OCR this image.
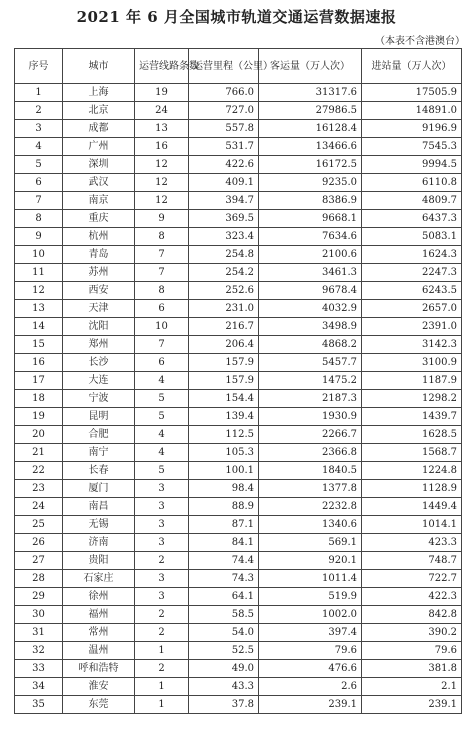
2021 年 6 月全国城市轨道交通运营数据速报
（本表不含港澳台）
序号	城市	运营线路条数	运营里程（公里）	客运量（万人次）	进站量（万人次）
1	上海	19	766.0	31317.6	17505.9
2	北京	24	727.0	27986.5	14891.0
3	成都	13	557.8	16128.4	9196.9
4	广州	16	531.7	13466.6	7545.3
5	深圳	12	422.6	16172.5	9994.5
6	武汉	12	409.1	9235.0	6110.8
7	南京	12	394.7	8386.9	4809.7
8	重庆	9	369.5	9668.1	6437.3
9	杭州	8	323.4	7634.6	5083.1
10	青岛	7	254.8	2100.6	1624.3
11	苏州	7	254.2	3461.3	2247.3
12	西安	8	252.6	9678.4	6243.5
13	天津	6	231.0	4032.9	2657.0
14	沈阳	10	216.7	3498.9	2391.0
15	郑州	7	206.4	4868.2	3142.3
16	长沙	6	157.9	5457.7	3100.9
17	大连	4	157.9	1475.2	1187.9
18	宁波	5	154.4	2187.3	1298.2
19	昆明	5	139.4	1930.9	1439.7
20	合肥	4	112.5	2266.7	1628.5
21	南宁	4	105.3	2366.8	1568.7
22	长春	5	100.1	1840.5	1224.8
23	厦门	3	98.4	1377.8	1128.9
24	南昌	3	88.9	2232.8	1449.4
25	无锡	3	87.1	1340.6	1014.1
26	济南	3	84.1	569.1	423.3
27	贵阳	2	74.4	920.1	748.7
28	石家庄	3	74.3	1011.4	722.7
29	徐州	3	64.1	519.9	422.3
30	福州	2	58.5	1002.0	842.8
31	常州	2	54.0	397.4	390.2
32	温州	1	52.5	79.6	79.6
33	呼和浩特	2	49.0	476.6	381.8
34	淮安	1	43.3	2.6	2.1
35	东莞	1	37.8	239.1	239.1
